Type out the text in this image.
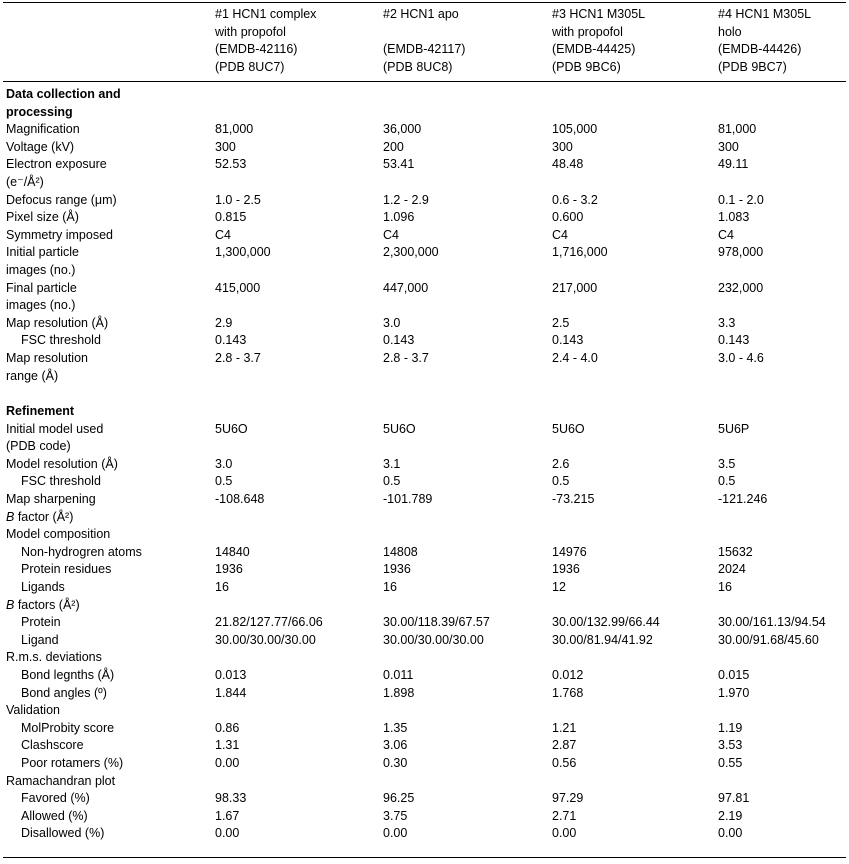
	#1 HCN1 complex	#2 HCN1 apo	#3 HCN1 M305L	#4 HCN1 M305L
	with propofol		with propofol	holo
	(EMDB-42116)	(EMDB-42117)	(EMDB-44425)	(EMDB-44426)
	(PDB 8UC7)	(PDB 8UC8)	(PDB 9BC6)	(PDB 9BC7)
Data collection and
processing				

Magnification	81,000	36,000	105,000	81,000

Voltage (kV)	300	200	300	300

Electron exposure
(e⁻/Å²)	52.53	53.41	48.48	49.11

Defocus range (μm)	1.0 - 2.5	1.2 - 2.9	0.6 - 3.2	0.1 - 2.0

Pixel size (Å)	0.815	1.096	0.600	1.083

Symmetry imposed	C4	C4	C4	C4

Initial particle
images (no.)	1,300,000	2,300,000	1,716,000	978,000

Final particle
images (no.)	415,000	447,000	217,000	232,000

Map resolution (Å)	2.9	3.0	2.5	3.3

FSC threshold	0.143	0.143	0.143	0.143

Map resolution
range (Å)	2.8 - 3.7	2.8 - 3.7	2.4 - 4.0	3.0 - 4.6

Refinement				

Initial model used
(PDB code)	5U6O	5U6O	5U6O	5U6P

Model resolution (Å)	3.0	3.1	2.6	3.5

FSC threshold	0.5	0.5	0.5	0.5

Map sharpening
B factor (Å²)	-108.648	-101.789	-73.215	-121.246

Model composition				

Non-hydrogren atoms	14840	14808	14976	15632

Protein residues	1936	1936	1936	2024

Ligands	16	16	12	16

B factors (Å²)				

Protein	21.82/127.77/66.06	30.00/118.39/67.57	30.00/132.99/66.44	30.00/161.13/94.54

Ligand	30.00/30.00/30.00	30.00/30.00/30.00	30.00/81.94/41.92	30.00/91.68/45.60

R.m.s. deviations				

Bond legnths (Å)	0.013	0.011	0.012	0.015

Bond angles (º)	1.844	1.898	1.768	1.970

Validation				

MolProbity score	0.86	1.35	1.21	1.19

Clashscore	1.31	3.06	2.87	3.53

Poor rotamers (%)	0.00	0.30	0.56	0.55

Ramachandran plot				

Favored (%)	98.33	96.25	97.29	97.81

Allowed (%)	1.67	3.75	2.71	2.19

Disallowed (%)	0.00	0.00	0.00	0.00
